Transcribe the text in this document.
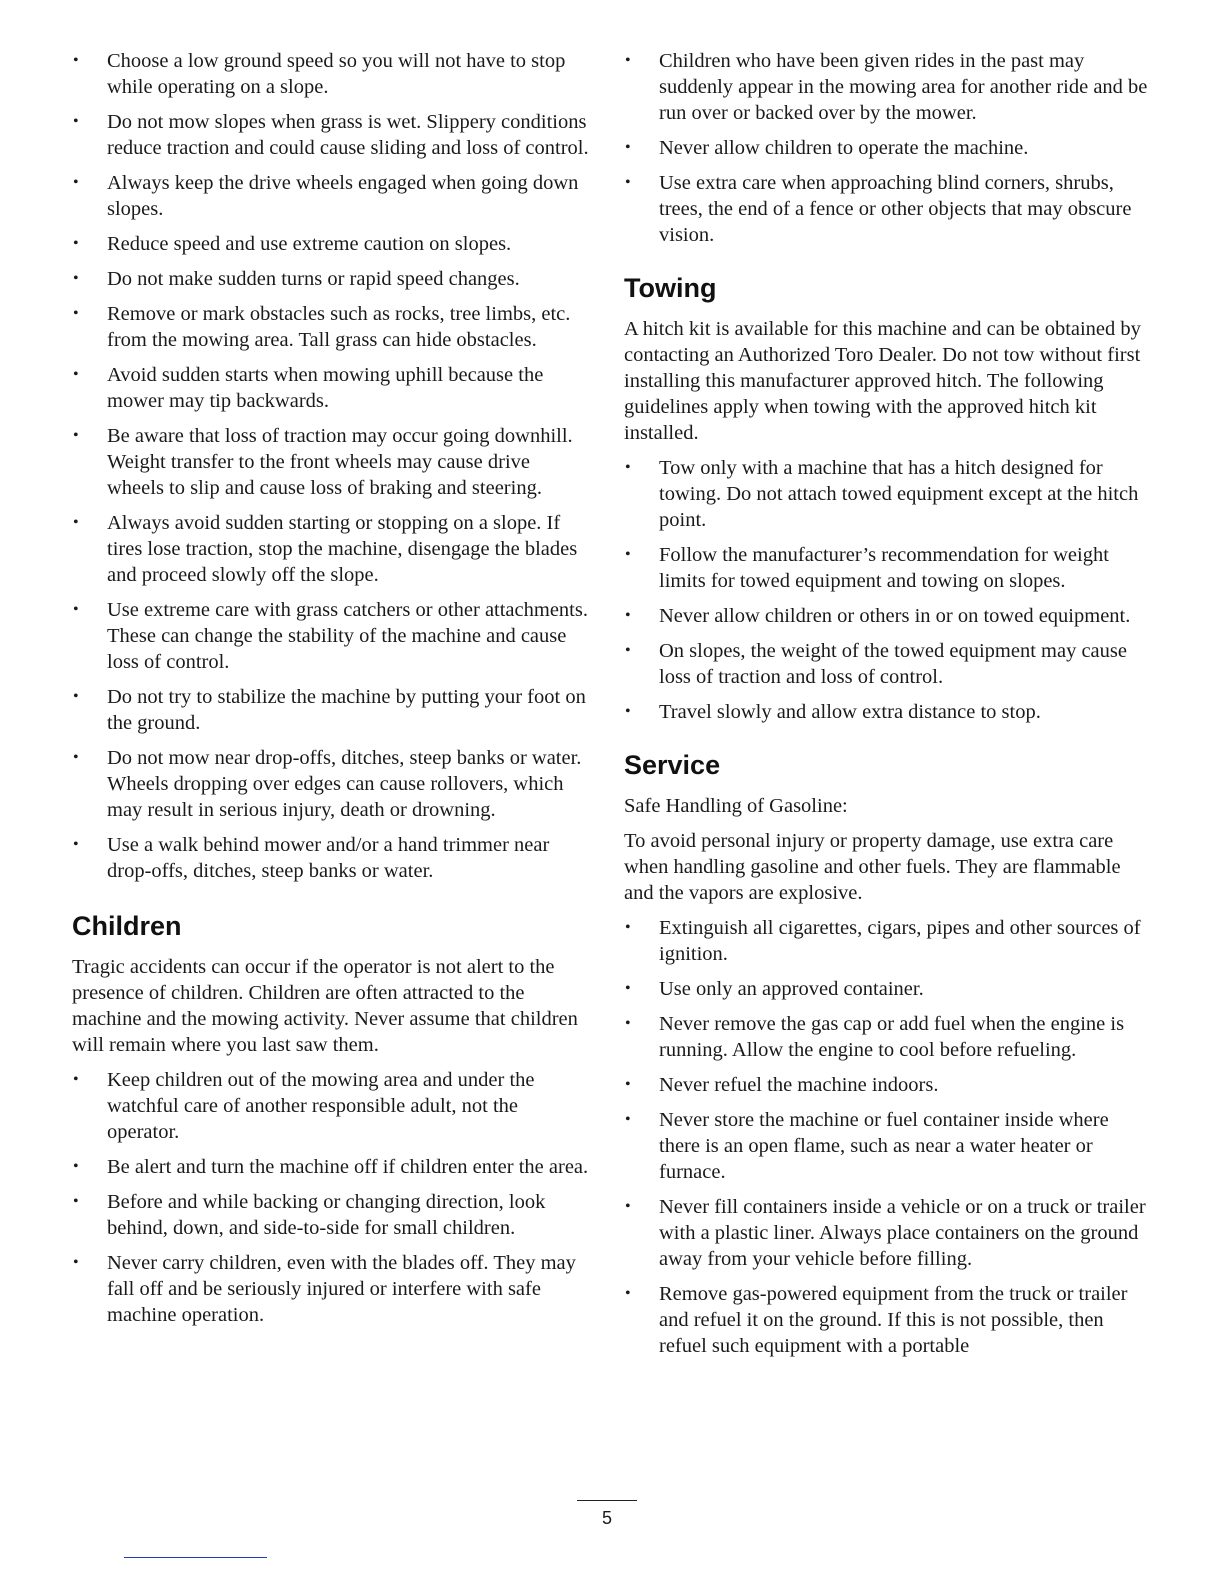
• Choose a low ground speed so you will not have to stop while operating on a slope.
• Do not mow slopes when grass is wet. Slippery conditions reduce traction and could cause sliding and loss of control.
• Always keep the drive wheels engaged when going down slopes.
• Reduce speed and use extreme caution on slopes.
• Do not make sudden turns or rapid speed changes.
• Remove or mark obstacles such as rocks, tree limbs, etc. from the mowing area. Tall grass can hide obstacles.
• Avoid sudden starts when mowing uphill because the mower may tip backwards.
• Be aware that loss of traction may occur going downhill. Weight transfer to the front wheels may cause drive wheels to slip and cause loss of braking and steering.
• Always avoid sudden starting or stopping on a slope. If tires lose traction, stop the machine, disengage the blades and proceed slowly off the slope.
• Use extreme care with grass catchers or other attachments. These can change the stability of the machine and cause loss of control.
• Do not try to stabilize the machine by putting your foot on the ground.
• Do not mow near drop-offs, ditches, steep banks or water. Wheels dropping over edges can cause rollovers, which may result in serious injury, death or drowning.
• Use a walk behind mower and/or a hand trimmer near drop-offs, ditches, steep banks or water.
Children

Tragic accidents can occur if the operator is not alert to the presence of children. Children are often attracted to the machine and the mowing activity. Never assume that children will remain where you last saw them.

• Keep children out of the mowing area and under the watchful care of another responsible adult, not the operator.
• Be alert and turn the machine off if children enter the area.
• Before and while backing or changing direction, look behind, down, and side-to-side for small children.
• Never carry children, even with the blades off. They may fall off and be seriously injured or interfere with safe machine operation.
• Children who have been given rides in the past may suddenly appear in the mowing area for another ride and be run over or backed over by the mower.
• Never allow children to operate the machine.
• Use extra care when approaching blind corners, shrubs, trees, the end of a fence or other objects that may obscure vision.
Towing

A hitch kit is available for this machine and can be obtained by contacting an Authorized Toro Dealer. Do not tow without first installing this manufacturer approved hitch. The following guidelines apply when towing with the approved hitch kit installed.

• Tow only with a machine that has a hitch designed for towing. Do not attach towed equipment except at the hitch point.
• Follow the manufacturer’s recommendation for weight limits for towed equipment and towing on slopes.
• Never allow children or others in or on towed equipment.
• On slopes, the weight of the towed equipment may cause loss of traction and loss of control.
• Travel slowly and allow extra distance to stop.
Service

Safe Handling of Gasoline:

To avoid personal injury or property damage, use extra care when handling gasoline and other fuels. They are flammable and the vapors are explosive.

• Extinguish all cigarettes, cigars, pipes and other sources of ignition.
• Use only an approved container.
• Never remove the gas cap or add fuel when the engine is running. Allow the engine to cool before refueling.
• Never refuel the machine indoors.
• Never store the machine or fuel container inside where there is an open flame, such as near a water heater or furnace.
• Never fill containers inside a vehicle or on a truck or trailer with a plastic liner. Always place containers on the ground away from your vehicle before filling.
• Remove gas-powered equipment from the truck or trailer and refuel it on the ground. If this is not possible, then refuel such equipment with a portable
5
